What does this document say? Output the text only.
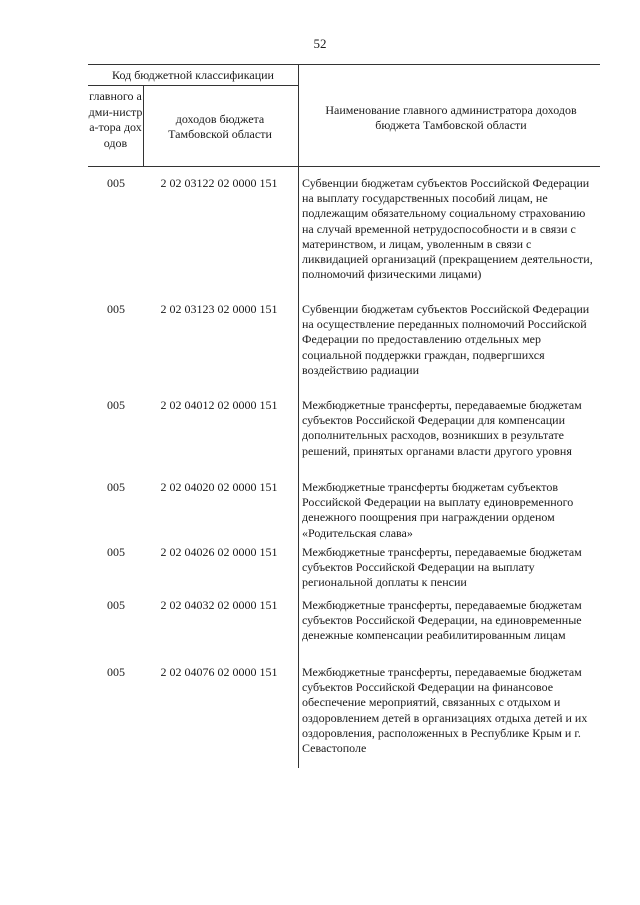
52
Код бюджетной классификации
главного адми-нистра-тора доходов
доходов бюджета Тамбовской области
Наименование главного администратора доходов бюджета Тамбовской области
005	2 02 03122 02 0000 151	Субвенции бюджетам субъектов Российской Федерации на выплату государственных пособий лицам, не подлежащим обязательному социальному страхованию на случай временной нетрудоспособности и в связи с материнством, и лицам, уволенным в связи с ликвидацией организаций (прекращением деятельности, полномочий физическими лицами)
005	2 02 03123 02 0000 151	Субвенции бюджетам субъектов Российской Федерации на осуществление переданных полномочий Российской Федерации по предоставлению отдельных мер социальной поддержки граждан, подвергшихся воздействию радиации
005	2 02 04012 02 0000 151	Межбюджетные трансферты, передаваемые бюджетам субъектов Российской Федерации для компенсации дополнительных расходов, возникших в результате решений, принятых органами власти другого уровня
005	2 02 04020 02 0000 151	Межбюджетные трансферты бюджетам субъектов Российской Федерации на выплату единовременного денежного поощрения при награждении орденом «Родительская слава»
005	2 02 04026 02 0000 151	Межбюджетные трансферты, передаваемые бюджетам субъектов Российской Федерации на выплату региональной доплаты к пенсии
005	2 02 04032 02 0000 151	Межбюджетные трансферты, передаваемые бюджетам субъектов Российской Федерации, на единовременные денежные компенсации реабилитированным лицам
005	2 02 04076 02 0000 151	Межбюджетные трансферты, передаваемые бюджетам субъектов Российской Федерации на финансовое обеспечение мероприятий, связанных с отдыхом и оздоровлением детей в организациях отдыха детей и их оздоровления, расположенных в Республике Крым и г. Севастополе
